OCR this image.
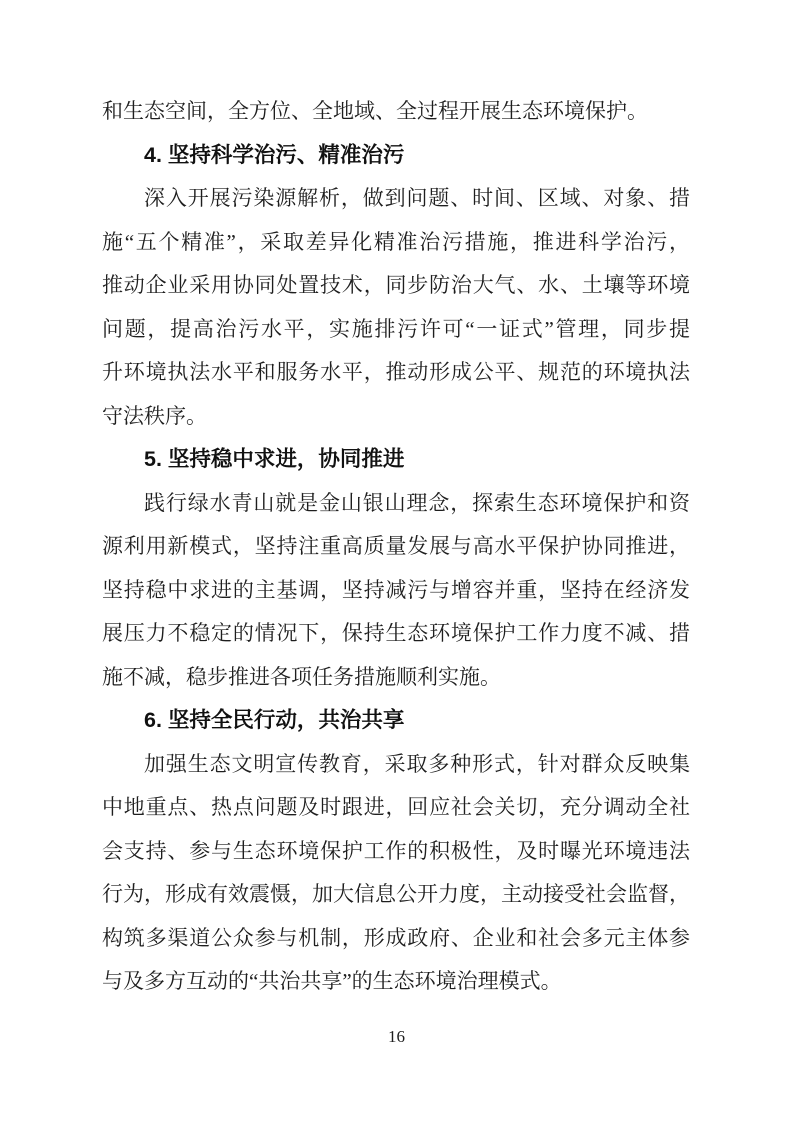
和生态空间，全方位、全地域、全过程开展生态环境保护。
4. 坚持科学治污、精准治污
深入开展污染源解析，做到问题、时间、区域、对象、措
施“五个精准”，采取差异化精准治污措施，推进科学治污，
推动企业采用协同处置技术，同步防治大气、水、土壤等环境
问题，提高治污水平，实施排污许可“一证式”管理，同步提
升环境执法水平和服务水平，推动形成公平、规范的环境执法
守法秩序。
5. 坚持稳中求进，协同推进
践行绿水青山就是金山银山理念，探索生态环境保护和资
源利用新模式，坚持注重高质量发展与高水平保护协同推进，
坚持稳中求进的主基调，坚持减污与增容并重，坚持在经济发
展压力不稳定的情况下，保持生态环境保护工作力度不减、措
施不减，稳步推进各项任务措施顺利实施。
6. 坚持全民行动，共治共享
加强生态文明宣传教育，采取多种形式，针对群众反映集
中地重点、热点问题及时跟进，回应社会关切，充分调动全社
会支持、参与生态环境保护工作的积极性，及时曝光环境违法
行为，形成有效震慑，加大信息公开力度，主动接受社会监督，
构筑多渠道公众参与机制，形成政府、企业和社会多元主体参
与及多方互动的“共治共享”的生态环境治理模式。
16
